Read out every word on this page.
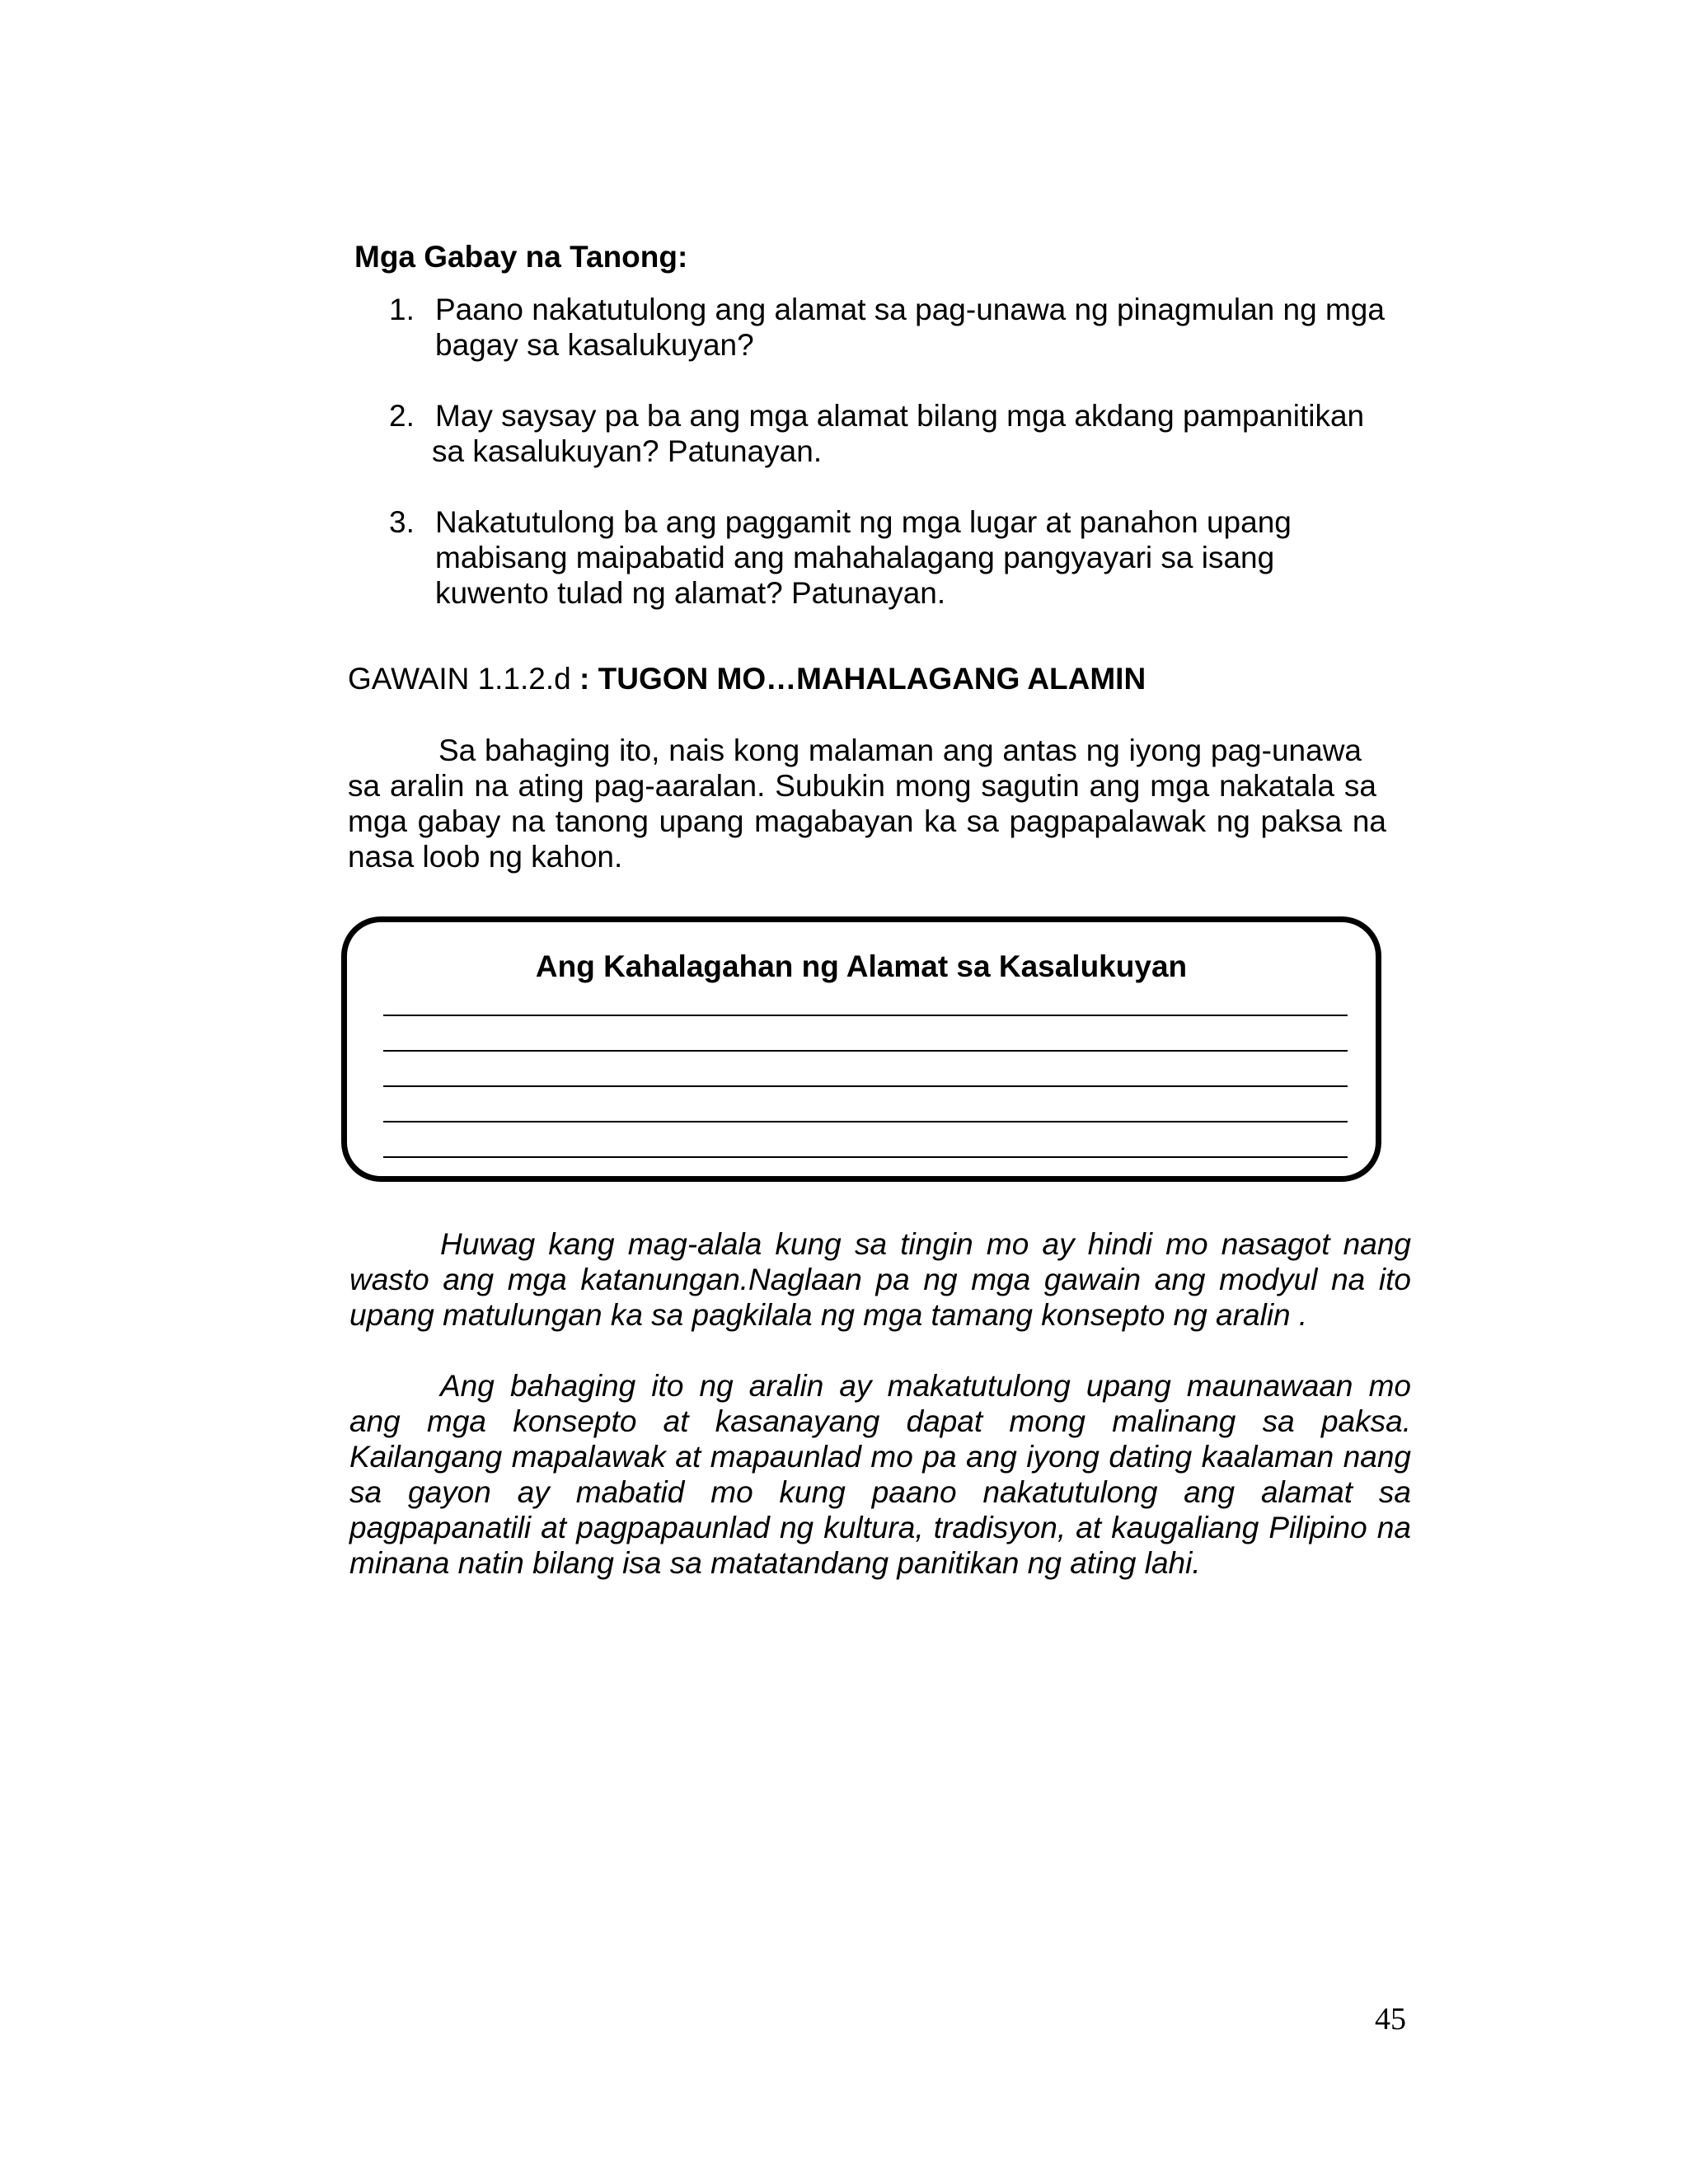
Mga Gabay na Tanong:
1. Paano nakatutulong ang alamat sa pag-unawa ng pinagmulan ng mga
bagay sa kasalukuyan?
2. May saysay pa ba ang mga alamat bilang mga akdang pampanitikan
sa kasalukuyan? Patunayan.
3. Nakatutulong ba ang paggamit ng mga lugar at panahon upang
mabisang maipabatid ang mahahalagang pangyayari sa isang
kuwento tulad ng alamat? Patunayan.
GAWAIN 1.1.2.d : TUGON MO…MAHALAGANG ALAMIN

Sa bahaging ito, nais kong malaman ang antas ng iyong pag-unawa

sa aralin na ating pag-aaralan. Subukin mong sagutin ang mga nakatala sa

mga gabay na tanong upang magabayan ka sa pagpapalawak ng paksa na

nasa loob ng kahon.

Ang Kahalagahan ng Alamat sa Kasalukuyan

Huwag kang mag-alala kung sa tingin mo ay hindi mo nasagot nang

wasto ang mga katanungan.Naglaan pa ng mga gawain ang modyul na ito

upang matulungan ka sa pagkilala ng mga tamang konsepto ng aralin .

Ang bahaging ito ng aralin ay makatutulong upang maunawaan mo

ang mga konsepto at kasanayang dapat mong malinang sa paksa.

Kailangang mapalawak at mapaunlad mo pa ang iyong dating kaalaman nang

sa gayon ay mabatid mo kung paano nakatutulong ang alamat sa

pagpapanatili at pagpapaunlad ng kultura, tradisyon, at kaugaliang Pilipino na

minana natin bilang isa sa matatandang panitikan ng ating lahi.

45
